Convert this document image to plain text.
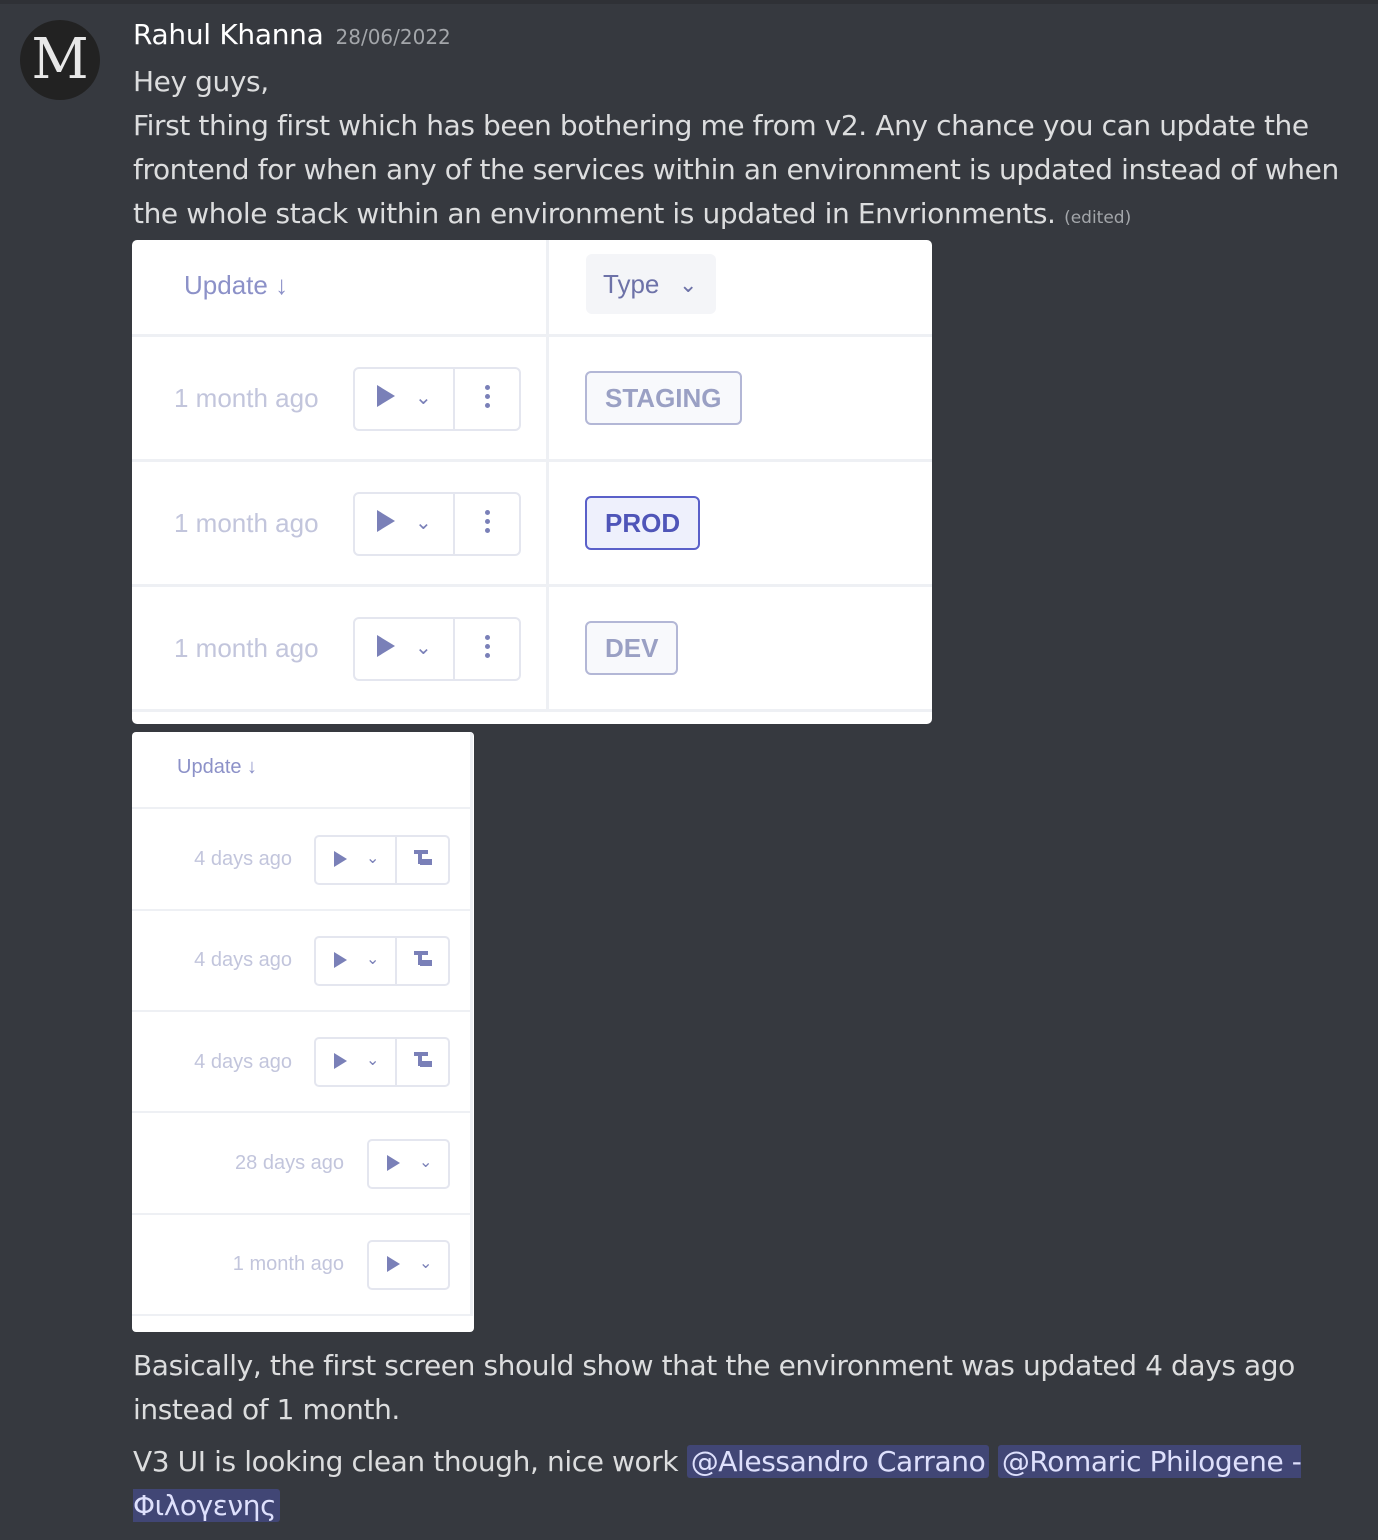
M	Rahul Khanna 28/06/2022
Hey guys,
First thing first which has been bothering me from v2. Any chance you can update the frontend for when any of the services within an environment is updated instead of when the whole stack within an environment is updated in Envrionments. (edited)
Update ↓	Type ⌄
1 month ago	⌄	STAGING
1 month ago	⌄	PROD
1 month ago	⌄	DEV
Update ↓
4 days ago	⌄
4 days ago	⌄
4 days ago	⌄
28 days ago	⌄
1 month ago	⌄
Basically, the first screen should show that the environment was updated 4 days ago instead of 1 month.
V3 UI is looking clean though, nice work @Alessandro Carrano @Romaric Philogene - Φιλογενης
